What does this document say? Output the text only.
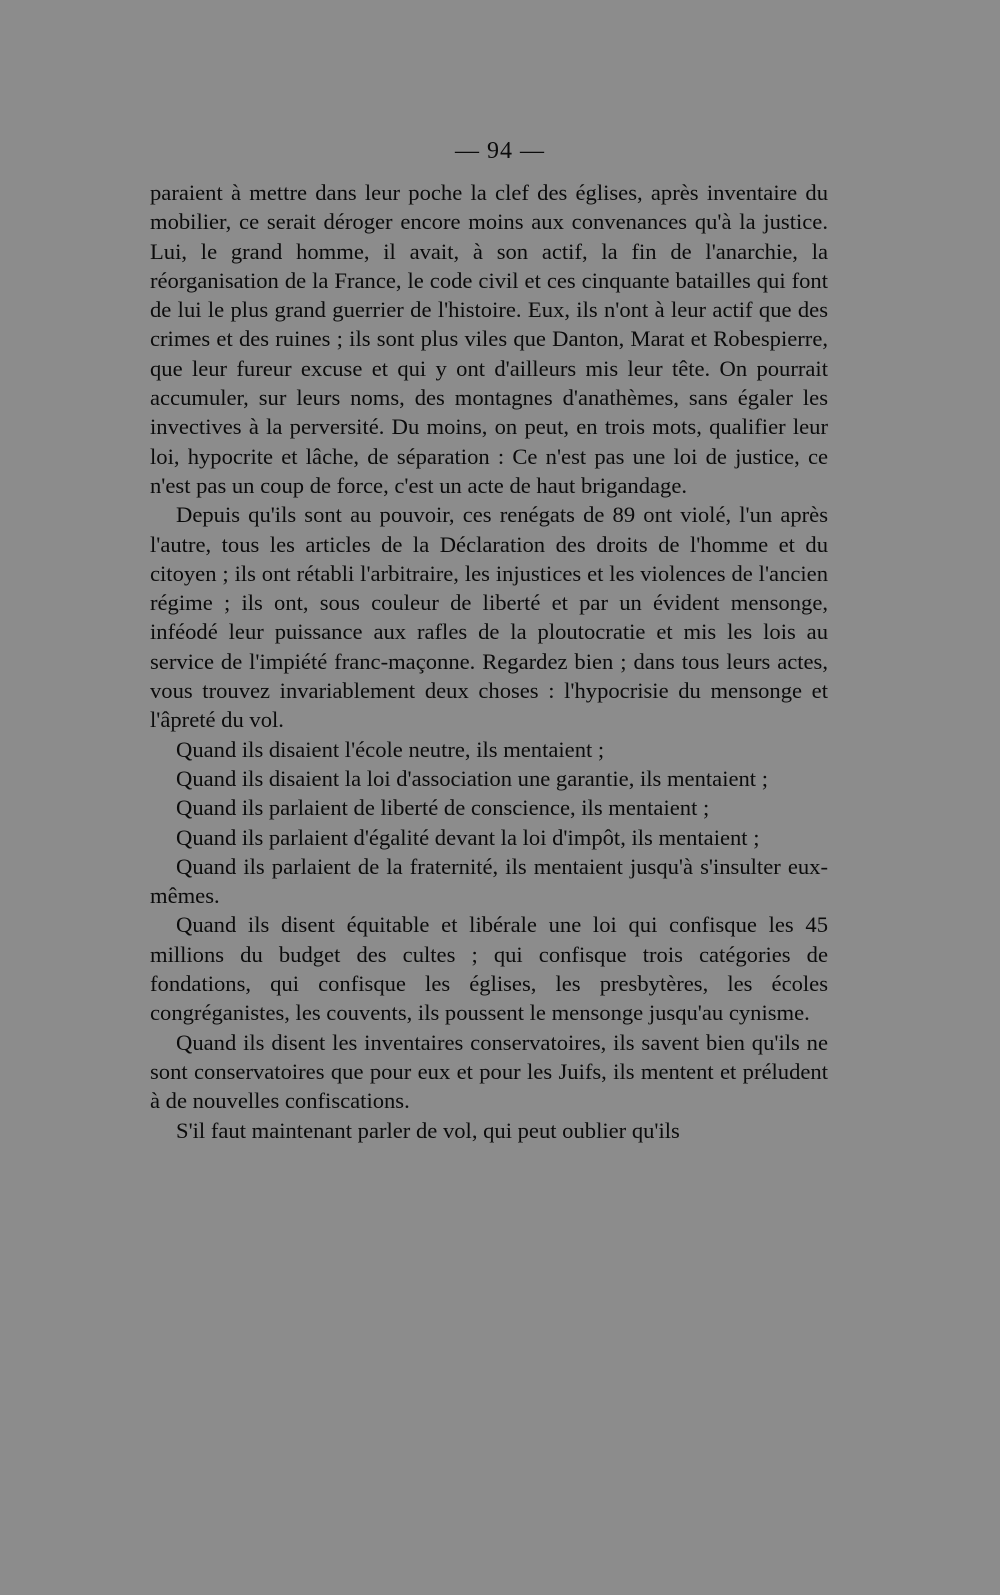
— 94 —

paraient à mettre dans leur poche la clef des églises, après inventaire du mobilier, ce serait déroger encore moins aux convenances qu'à la justice. Lui, le grand homme, il avait, à son actif, la fin de l'anarchie, la réorganisation de la France, le code civil et ces cinquante batailles qui font de lui le plus grand guerrier de l'histoire. Eux, ils n'ont à leur actif que des crimes et des ruines ; ils sont plus viles que Danton, Marat et Robespierre, que leur fureur excuse et qui y ont d'ailleurs mis leur tête. On pourrait accumuler, sur leurs noms, des montagnes d'anathèmes, sans égaler les invectives à la perversité. Du moins, on peut, en trois mots, qualifier leur loi, hypocrite et lâche, de séparation : Ce n'est pas une loi de justice, ce n'est pas un coup de force, c'est un acte de haut brigandage.

Depuis qu'ils sont au pouvoir, ces renégats de 89 ont violé, l'un après l'autre, tous les articles de la Déclaration des droits de l'homme et du citoyen ; ils ont rétabli l'arbitraire, les injustices et les violences de l'ancien régime ; ils ont, sous couleur de liberté et par un évident mensonge, inféodé leur puissance aux rafles de la ploutocratie et mis les lois au service de l'impiété franc-maçonne. Regardez bien ; dans tous leurs actes, vous trouvez invariablement deux choses : l'hypocrisie du mensonge et l'âpreté du vol.

Quand ils disaient l'école neutre, ils mentaient ;

Quand ils disaient la loi d'association une garantie, ils mentaient ;

Quand ils parlaient de liberté de conscience, ils mentaient ;

Quand ils parlaient d'égalité devant la loi d'impôt, ils mentaient ;

Quand ils parlaient de la fraternité, ils mentaient jusqu'à s'insulter eux-mêmes.

Quand ils disent équitable et libérale une loi qui confisque les 45 millions du budget des cultes ; qui confisque trois catégories de fondations, qui confisque les églises, les presbytères, les écoles congréganistes, les couvents, ils poussent le mensonge jusqu'au cynisme.

Quand ils disent les inventaires conservatoires, ils savent bien qu'ils ne sont conservatoires que pour eux et pour les Juifs, ils mentent et préludent à de nouvelles confiscations.

S'il faut maintenant parler de vol, qui peut oublier qu'ils
